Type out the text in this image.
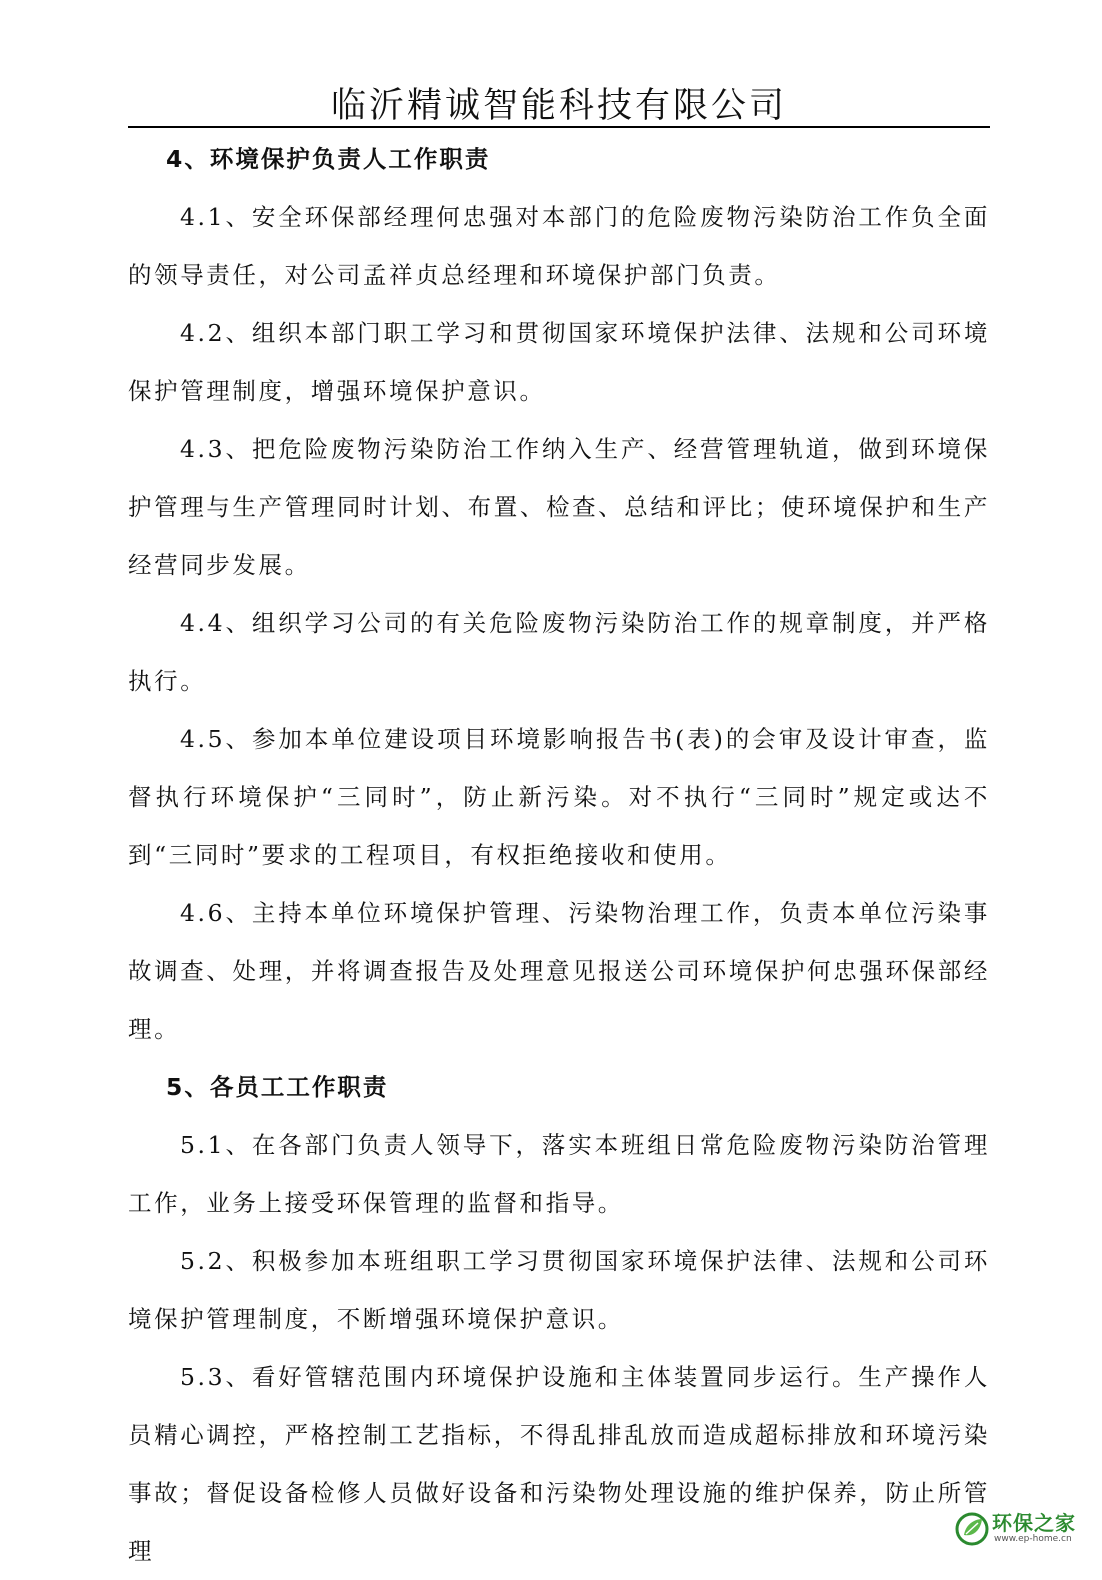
临沂精诚智能科技有限公司
4、环境保护负责人工作职责

4.1、安全环保部经理何忠强对本部门的危险废物污染防治工作负全面的领导责任，对公司孟祥贞总经理和环境保护部门负责。

4.2、组织本部门职工学习和贯彻国家环境保护法律、法规和公司环境保护管理制度，增强环境保护意识。

4.3、把危险废物污染防治工作纳入生产、经营管理轨道，做到环境保护管理与生产管理同时计划、布置、检查、总结和评比；使环境保护和生产经营同步发展。

4.4、组织学习公司的有关危险废物污染防治工作的规章制度，并严格执行。

4.5、参加本单位建设项目环境影响报告书(表)的会审及设计审查，监督执行环境保护“三同时”，防止新污染。对不执行“三同时”规定或达不到“三同时”要求的工程项目，有权拒绝接收和使用。

4.6、主持本单位环境保护管理、污染物治理工作，负责本单位污染事故调查、处理，并将调查报告及处理意见报送公司环境保护何忠强环保部经理。

5、各员工工作职责

5.1、在各部门负责人领导下，落实本班组日常危险废物污染防治管理工作，业务上接受环保管理的监督和指导。

5.2、积极参加本班组职工学习贯彻国家环境保护法律、法规和公司环境保护管理制度，不断增强环境保护意识。

5.3、看好管辖范围内环境保护设施和主体装置同步运行。生产操作人员精心调控，严格控制工艺指标，不得乱排乱放而造成超标排放和环境污染事故；督促设备检修人员做好设备和污染物处理设施的维护保养，防止所管理

环保之家
www.ep-home.cn
